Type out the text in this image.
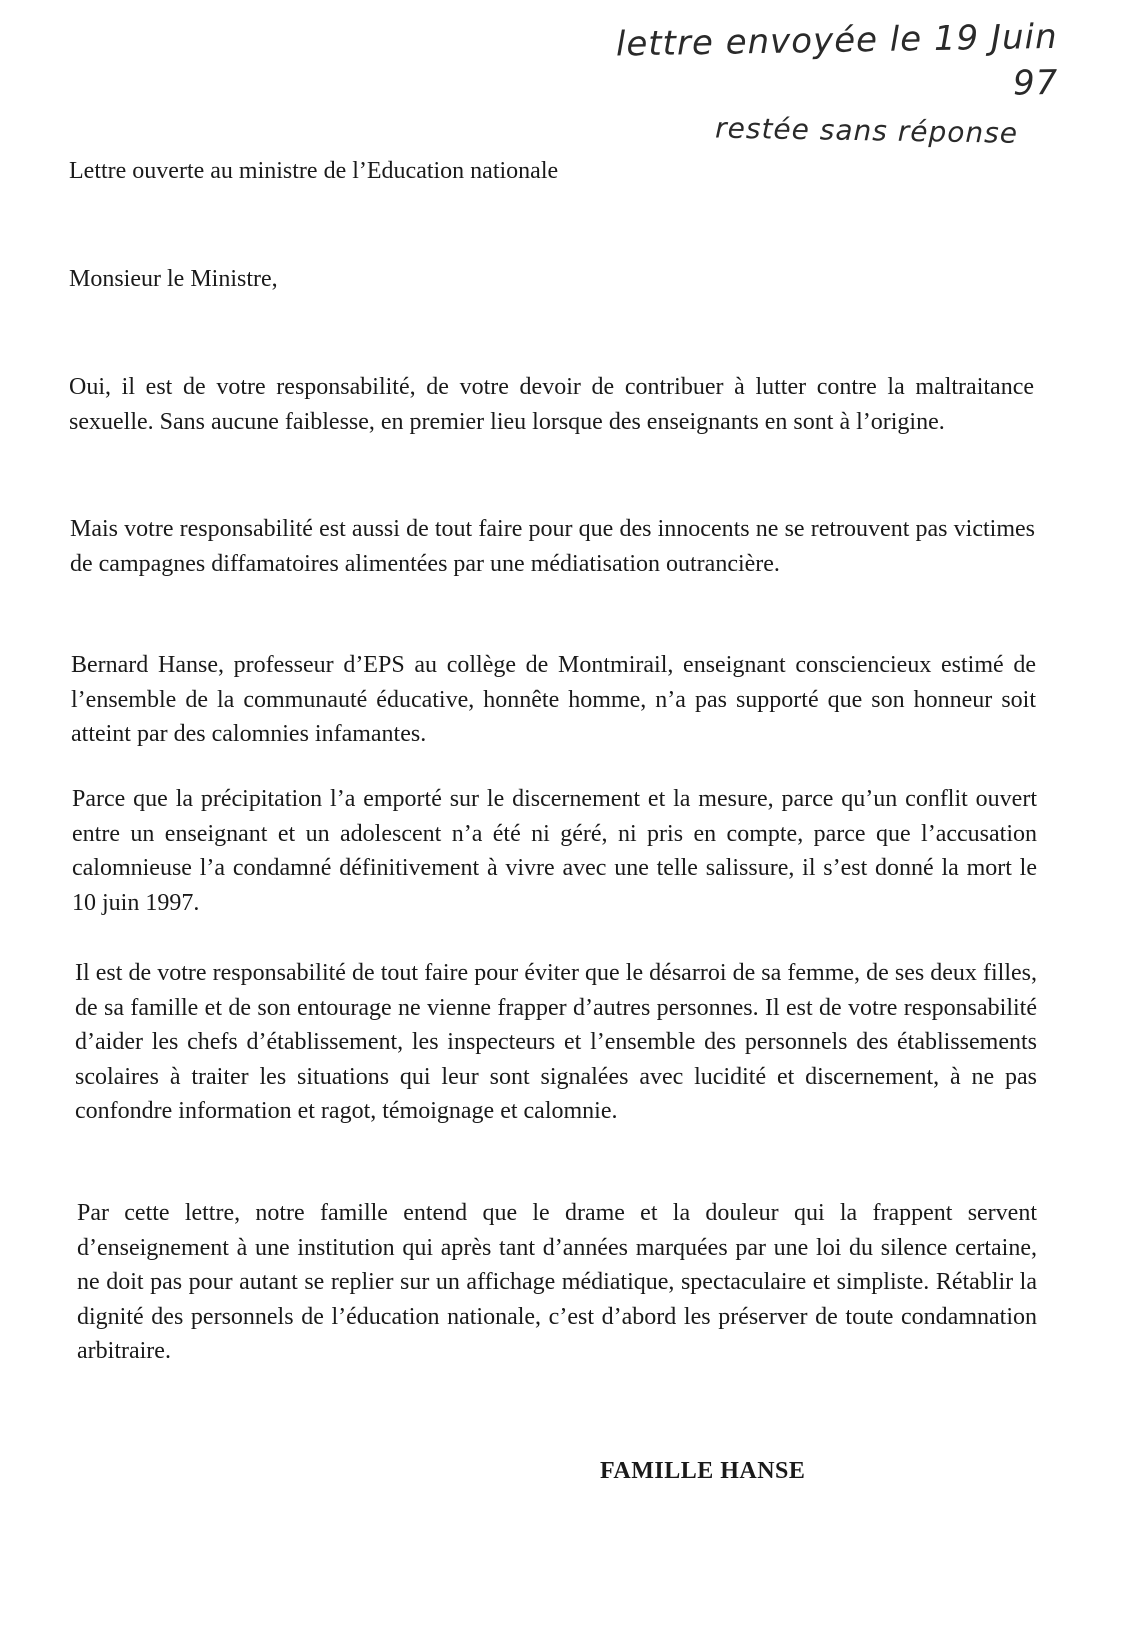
lettre envoyée le 19 Juin 97
restée sans réponse
Lettre ouverte au ministre de l’Education nationale

Monsieur le Ministre,

Oui, il est de votre responsabilité, de votre devoir de contribuer à lutter contre la maltraitance sexuelle. Sans aucune faiblesse, en premier lieu lorsque des enseignants en sont à l’origine.

Mais votre responsabilité est aussi de tout faire pour que des innocents ne se retrouvent pas victimes de campagnes diffamatoires alimentées par une médiatisation outrancière.

Bernard Hanse, professeur d’EPS au collège de Montmirail, enseignant consciencieux estimé de l’ensemble de la communauté éducative, honnête homme, n’a pas supporté que son honneur soit atteint par des calomnies infamantes.

Parce que la précipitation l’a emporté sur le discernement et la mesure, parce qu’un conflit ouvert entre un enseignant et un adolescent n’a été ni géré, ni pris en compte, parce que l’accusation calomnieuse l’a condamné définitivement à vivre avec une telle salissure, il s’est donné la mort le 10 juin 1997.

Il est de votre responsabilité de tout faire pour éviter que le désarroi de sa femme, de ses deux filles, de sa famille et de son entourage ne vienne frapper d’autres personnes. Il est de votre responsabilité d’aider les chefs d’établissement, les inspecteurs et l’ensemble des personnels des établissements scolaires à traiter les situations qui leur sont signalées avec lucidité et discernement, à ne pas confondre information et ragot, témoignage et calomnie.

Par cette lettre, notre famille entend que le drame et la douleur qui la frappent servent d’enseignement à une institution qui après tant d’années marquées par une loi du silence certaine, ne doit pas pour autant se replier sur un affichage médiatique, spectaculaire et simpliste. Rétablir la dignité des personnels de l’éducation nationale, c’est d’abord les préserver de toute condamnation arbitraire.

FAMILLE HANSE
